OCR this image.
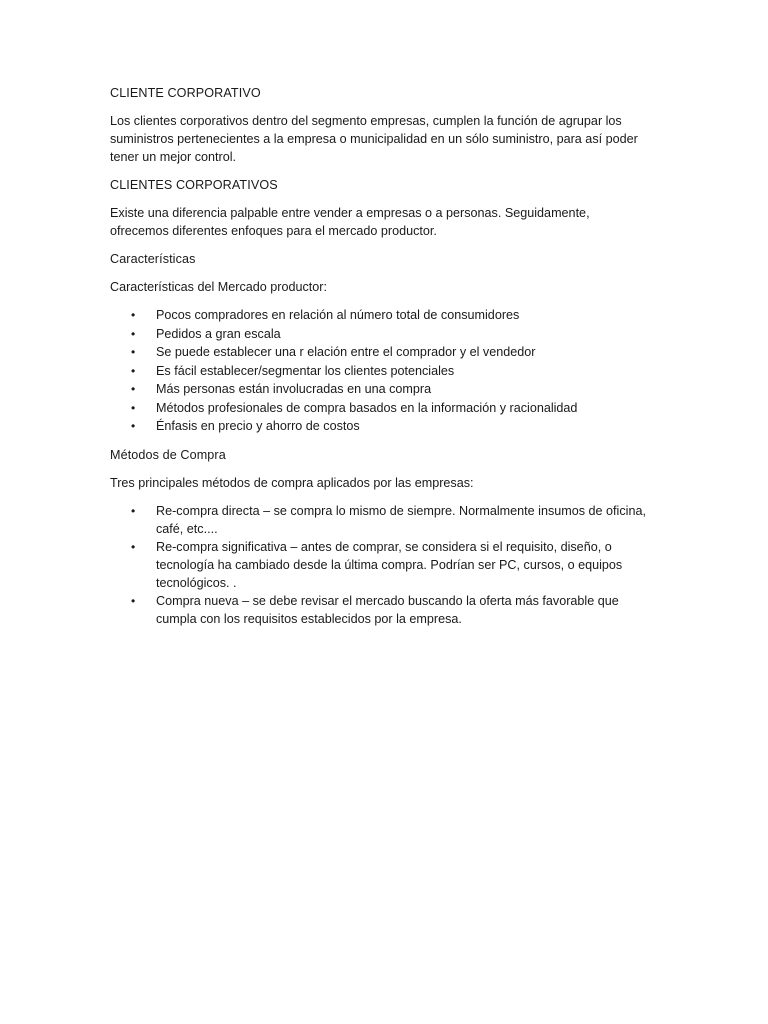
CLIENTE CORPORATIVO

Los clientes corporativos dentro del segmento empresas, cumplen la función de agrupar los suministros pertenecientes a la empresa o municipalidad en un sólo suministro, para así poder tener un mejor control.

CLIENTES CORPORATIVOS

Existe una diferencia palpable entre vender a empresas o a personas. Seguidamente, ofrecemos diferentes enfoques para el mercado productor.

Características

Características del Mercado productor:

• Pocos compradores en relación al número total de consumidores
• Pedidos a gran escala
• Se puede establecer una r elación entre el comprador y el vendedor
• Es fácil establecer/segmentar los clientes potenciales
• Más personas están involucradas en una compra
• Métodos profesionales de compra basados en la información y racionalidad
• Énfasis en precio y ahorro de costos

Métodos de Compra

Tres principales métodos de compra aplicados por las empresas:

• Re-compra directa – se compra lo mismo de siempre. Normalmente insumos de oficina, café, etc....
• Re-compra significativa – antes de comprar, se considera si el requisito, diseño, o tecnología ha cambiado desde la última compra. Podrían ser PC, cursos, o equipos tecnológicos. .
• Compra nueva – se debe revisar el mercado buscando la oferta más favorable que cumpla con los requisitos establecidos por la empresa.
